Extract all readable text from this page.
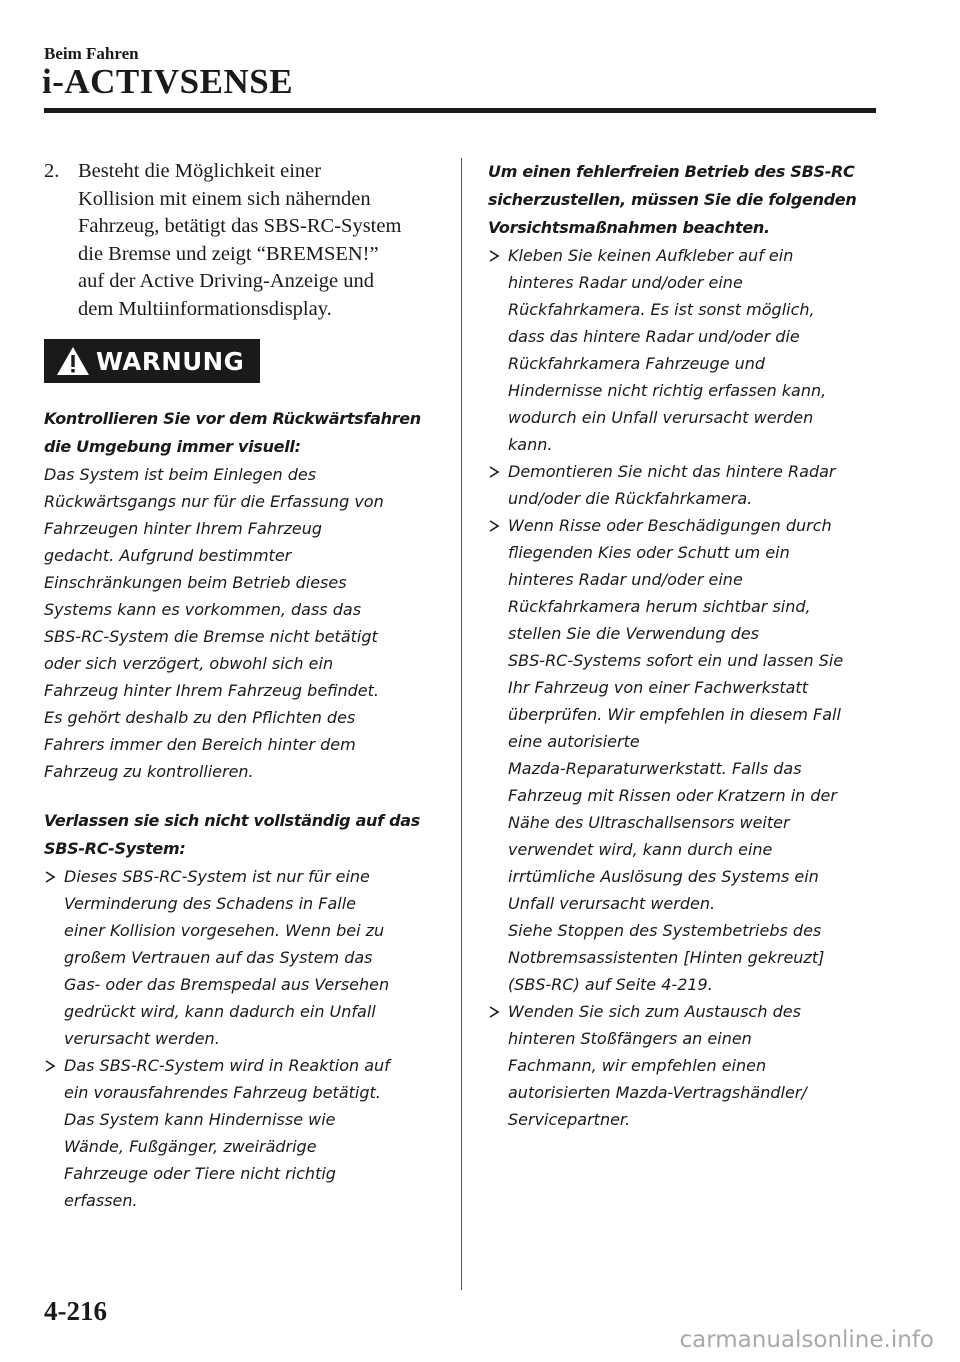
Beim Fahren
i-ACTIVSENSE
2. Besteht die Möglichkeit einer
Kollision mit einem sich nähernden
Fahrzeug, betätigt das SBS-RC-System
die Bremse und zeigt “BREMSEN!”
auf der Active Driving-Anzeige und
dem Multiinformationsdisplay.
WARNUNG
Kontrollieren Sie vor dem Rückwärtsfahren
die Umgebung immer visuell:
Das System ist beim Einlegen des
Rückwärtsgangs nur für die Erfassung von
Fahrzeugen hinter Ihrem Fahrzeug
gedacht. Aufgrund bestimmter
Einschränkungen beim Betrieb dieses
Systems kann es vorkommen, dass das
SBS-RC-System die Bremse nicht betätigt
oder sich verzögert, obwohl sich ein
Fahrzeug hinter Ihrem Fahrzeug befindet.
Es gehört deshalb zu den Pflichten des
Fahrers immer den Bereich hinter dem
Fahrzeug zu kontrollieren.
Verlassen sie sich nicht vollständig auf das
SBS-RC-System:
Dieses SBS-RC-System ist nur für eine
Verminderung des Schadens in Falle
einer Kollision vorgesehen. Wenn bei zu
großem Vertrauen auf das System das
Gas- oder das Bremspedal aus Versehen
gedrückt wird, kann dadurch ein Unfall
verursacht werden.
Das SBS-RC-System wird in Reaktion auf
ein vorausfahrendes Fahrzeug betätigt.
Das System kann Hindernisse wie
Wände, Fußgänger, zweirädrige
Fahrzeuge oder Tiere nicht richtig
erfassen.
Um einen fehlerfreien Betrieb des SBS-RC
sicherzustellen, müssen Sie die folgenden
Vorsichtsmaßnahmen beachten.
Kleben Sie keinen Aufkleber auf ein
hinteres Radar und/oder eine
Rückfahrkamera. Es ist sonst möglich,
dass das hintere Radar und/oder die
Rückfahrkamera Fahrzeuge und
Hindernisse nicht richtig erfassen kann,
wodurch ein Unfall verursacht werden
kann.
Demontieren Sie nicht das hintere Radar
und/oder die Rückfahrkamera.
Wenn Risse oder Beschädigungen durch
fliegenden Kies oder Schutt um ein
hinteres Radar und/oder eine
Rückfahrkamera herum sichtbar sind,
stellen Sie die Verwendung des
SBS-RC-Systems sofort ein und lassen Sie
Ihr Fahrzeug von einer Fachwerkstatt
überprüfen. Wir empfehlen in diesem Fall
eine autorisierte
Mazda-Reparaturwerkstatt. Falls das
Fahrzeug mit Rissen oder Kratzern in der
Nähe des Ultraschallsensors weiter
verwendet wird, kann durch eine
irrtümliche Auslösung des Systems ein
Unfall verursacht werden.
Siehe Stoppen des Systembetriebs des
Notbremsassistenten [Hinten gekreuzt]
(SBS-RC) auf Seite 4-219.
Wenden Sie sich zum Austausch des
hinteren Stoßfängers an einen
Fachmann, wir empfehlen einen
autorisierten Mazda-Vertragshändler/
Servicepartner.
4-216
carmanualsonline.info
